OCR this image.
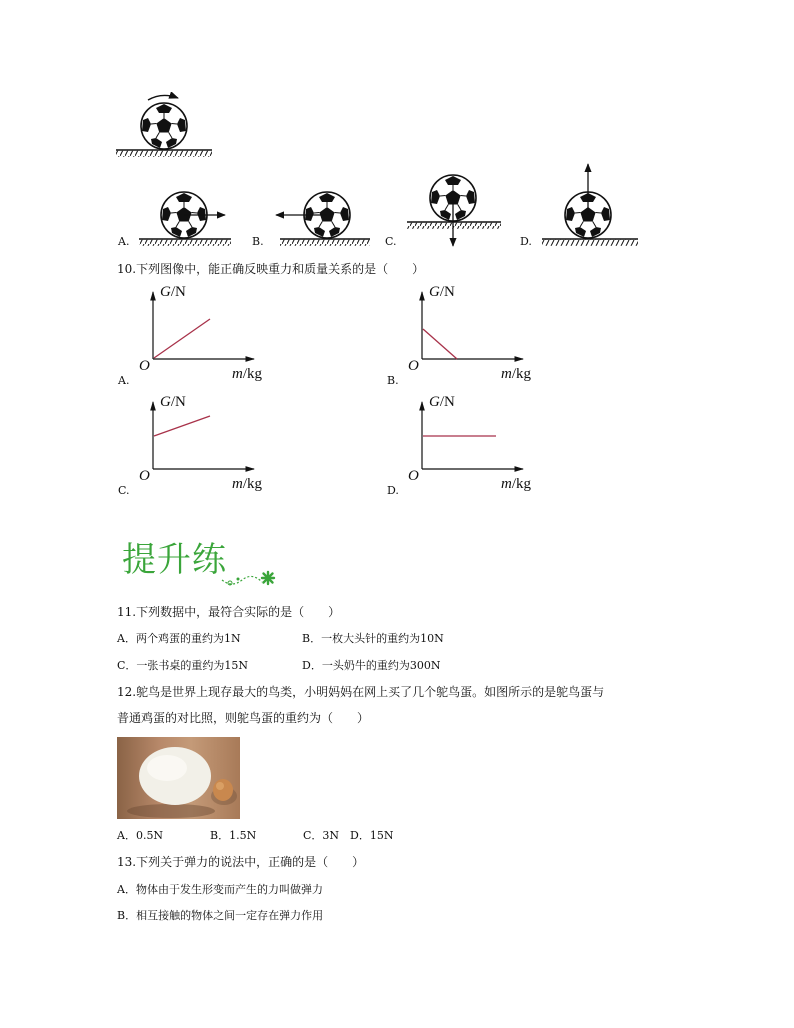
A.	B.	C.	D.
10.下列图像中，能正确反映重力和质量关系的是（　　）
G/N
O	m/kg
A.
G/N
O	m/kg
B.
G/N
O	m/kg
C.
G/N
O	m/kg
D.
提升练
11.下列数据中，最符合实际的是（　　）
A．两个鸡蛋的重约为1N	B．一枚大头针的重约为10N
C．一张书桌的重约为15N	D．一头奶牛的重约为300N
12.鸵鸟是世界上现存最大的鸟类，小明妈妈在网上买了几个鸵鸟蛋。如图所示的是鸵鸟蛋与
普通鸡蛋的对比照，则鸵鸟蛋的重约为（　　）
A．0.5N	B．1.5N	C．3N D．15N
13.下列关于弹力的说法中，正确的是（　　）
A．物体由于发生形变而产生的力叫做弹力
B．相互接触的物体之间一定存在弹力作用
